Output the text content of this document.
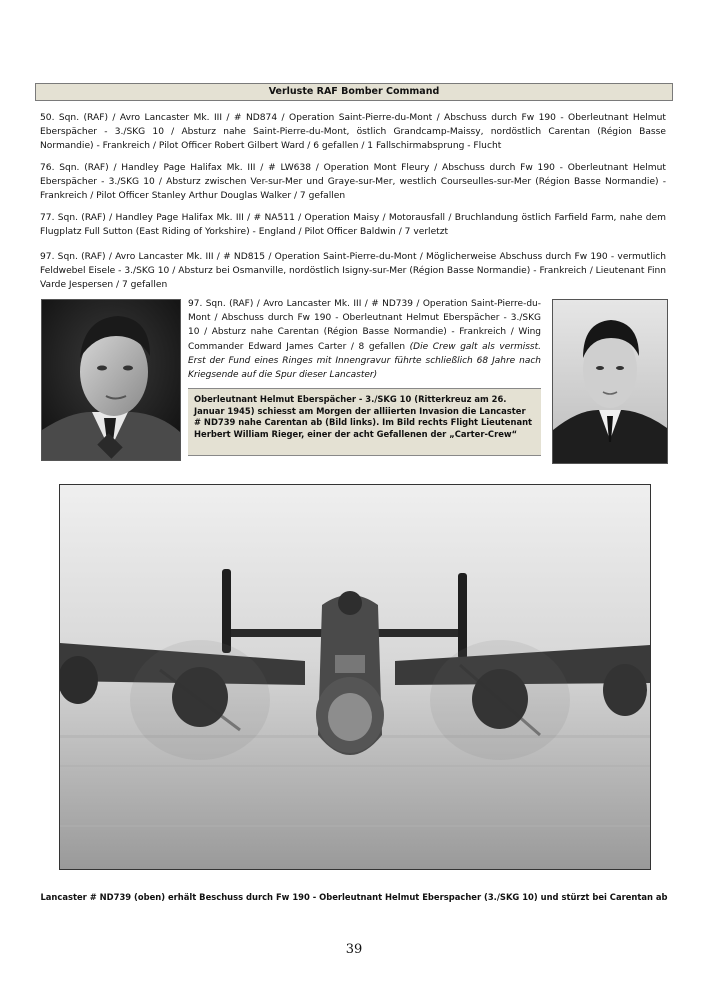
Verluste RAF Bomber Command

50. Sqn. (RAF) / Avro Lancaster Mk. III / # ND874 / Operation Saint-Pierre-du-Mont / Abschuss durch Fw 190 - Oberleutnant Helmut Eberspächer - 3./SKG 10 / Absturz nahe Saint-Pierre-du-Mont, östlich Grandcamp-Maissy, nordöstlich Carentan (Région Basse Normandie) - Frankreich / Pilot Officer Robert Gilbert Ward / 6 gefallen / 1 Fallschirmabsprung - Flucht

76. Sqn. (RAF) / Handley Page Halifax Mk. III / # LW638 / Operation Mont Fleury / Abschuss durch Fw 190 - Oberleutnant Helmut Eberspächer - 3./SKG 10 / Absturz zwischen Ver-sur-Mer und Graye-sur-Mer, westlich Courseulles-sur-Mer (Région Basse Normandie) - Frankreich / Pilot Officer Stanley Arthur Douglas Walker / 7 gefallen

77. Sqn. (RAF) / Handley Page Halifax Mk. III / # NA511 / Operation Maisy / Motorausfall / Bruchlandung östlich Farfield Farm, nahe dem Flugplatz Full Sutton (East Riding of Yorkshire) - England / Pilot Officer Baldwin / 7 verletzt

97. Sqn. (RAF) / Avro Lancaster Mk. III / # ND815 / Operation Saint-Pierre-du-Mont / Möglicherweise Abschuss durch Fw 190 - vermutlich Feldwebel Eisele - 3./SKG 10 / Absturz bei Osmanville, nordöstlich Isigny-sur-Mer (Région Basse Normandie) - Frankreich / Lieutenant Finn Varde Jespersen / 7 gefallen

97. Sqn. (RAF) / Avro Lancaster Mk. III / # ND739 / Operation Saint-Pierre-du-Mont / Abschuss durch Fw 190 - Oberleutnant Helmut Eberspächer - 3./SKG 10 / Absturz nahe Carentan (Région Basse Normandie) - Frankreich / Wing Commander Edward James Carter / 8 gefallen (Die Crew galt als vermisst. Erst der Fund eines Ringes mit Innengravur führte schließlich 68 Jahre nach Kriegsende auf die Spur dieser Lancaster)

Oberleutnant Helmut Eberspächer - 3./SKG 10 (Ritterkreuz am 26. Januar 1945) schiesst am Morgen der alliierten Invasion die Lancaster # ND739 nahe Carentan ab (Bild links). Im Bild rechts Flight Lieutenant Herbert William Rieger, einer der acht Gefallenen der „Carter-Crew“

Lancaster # ND739 (oben) erhält Beschuss durch Fw 190 - Oberleutnant Helmut Eberspacher (3./SKG 10) und stürzt bei Carentan ab
39
